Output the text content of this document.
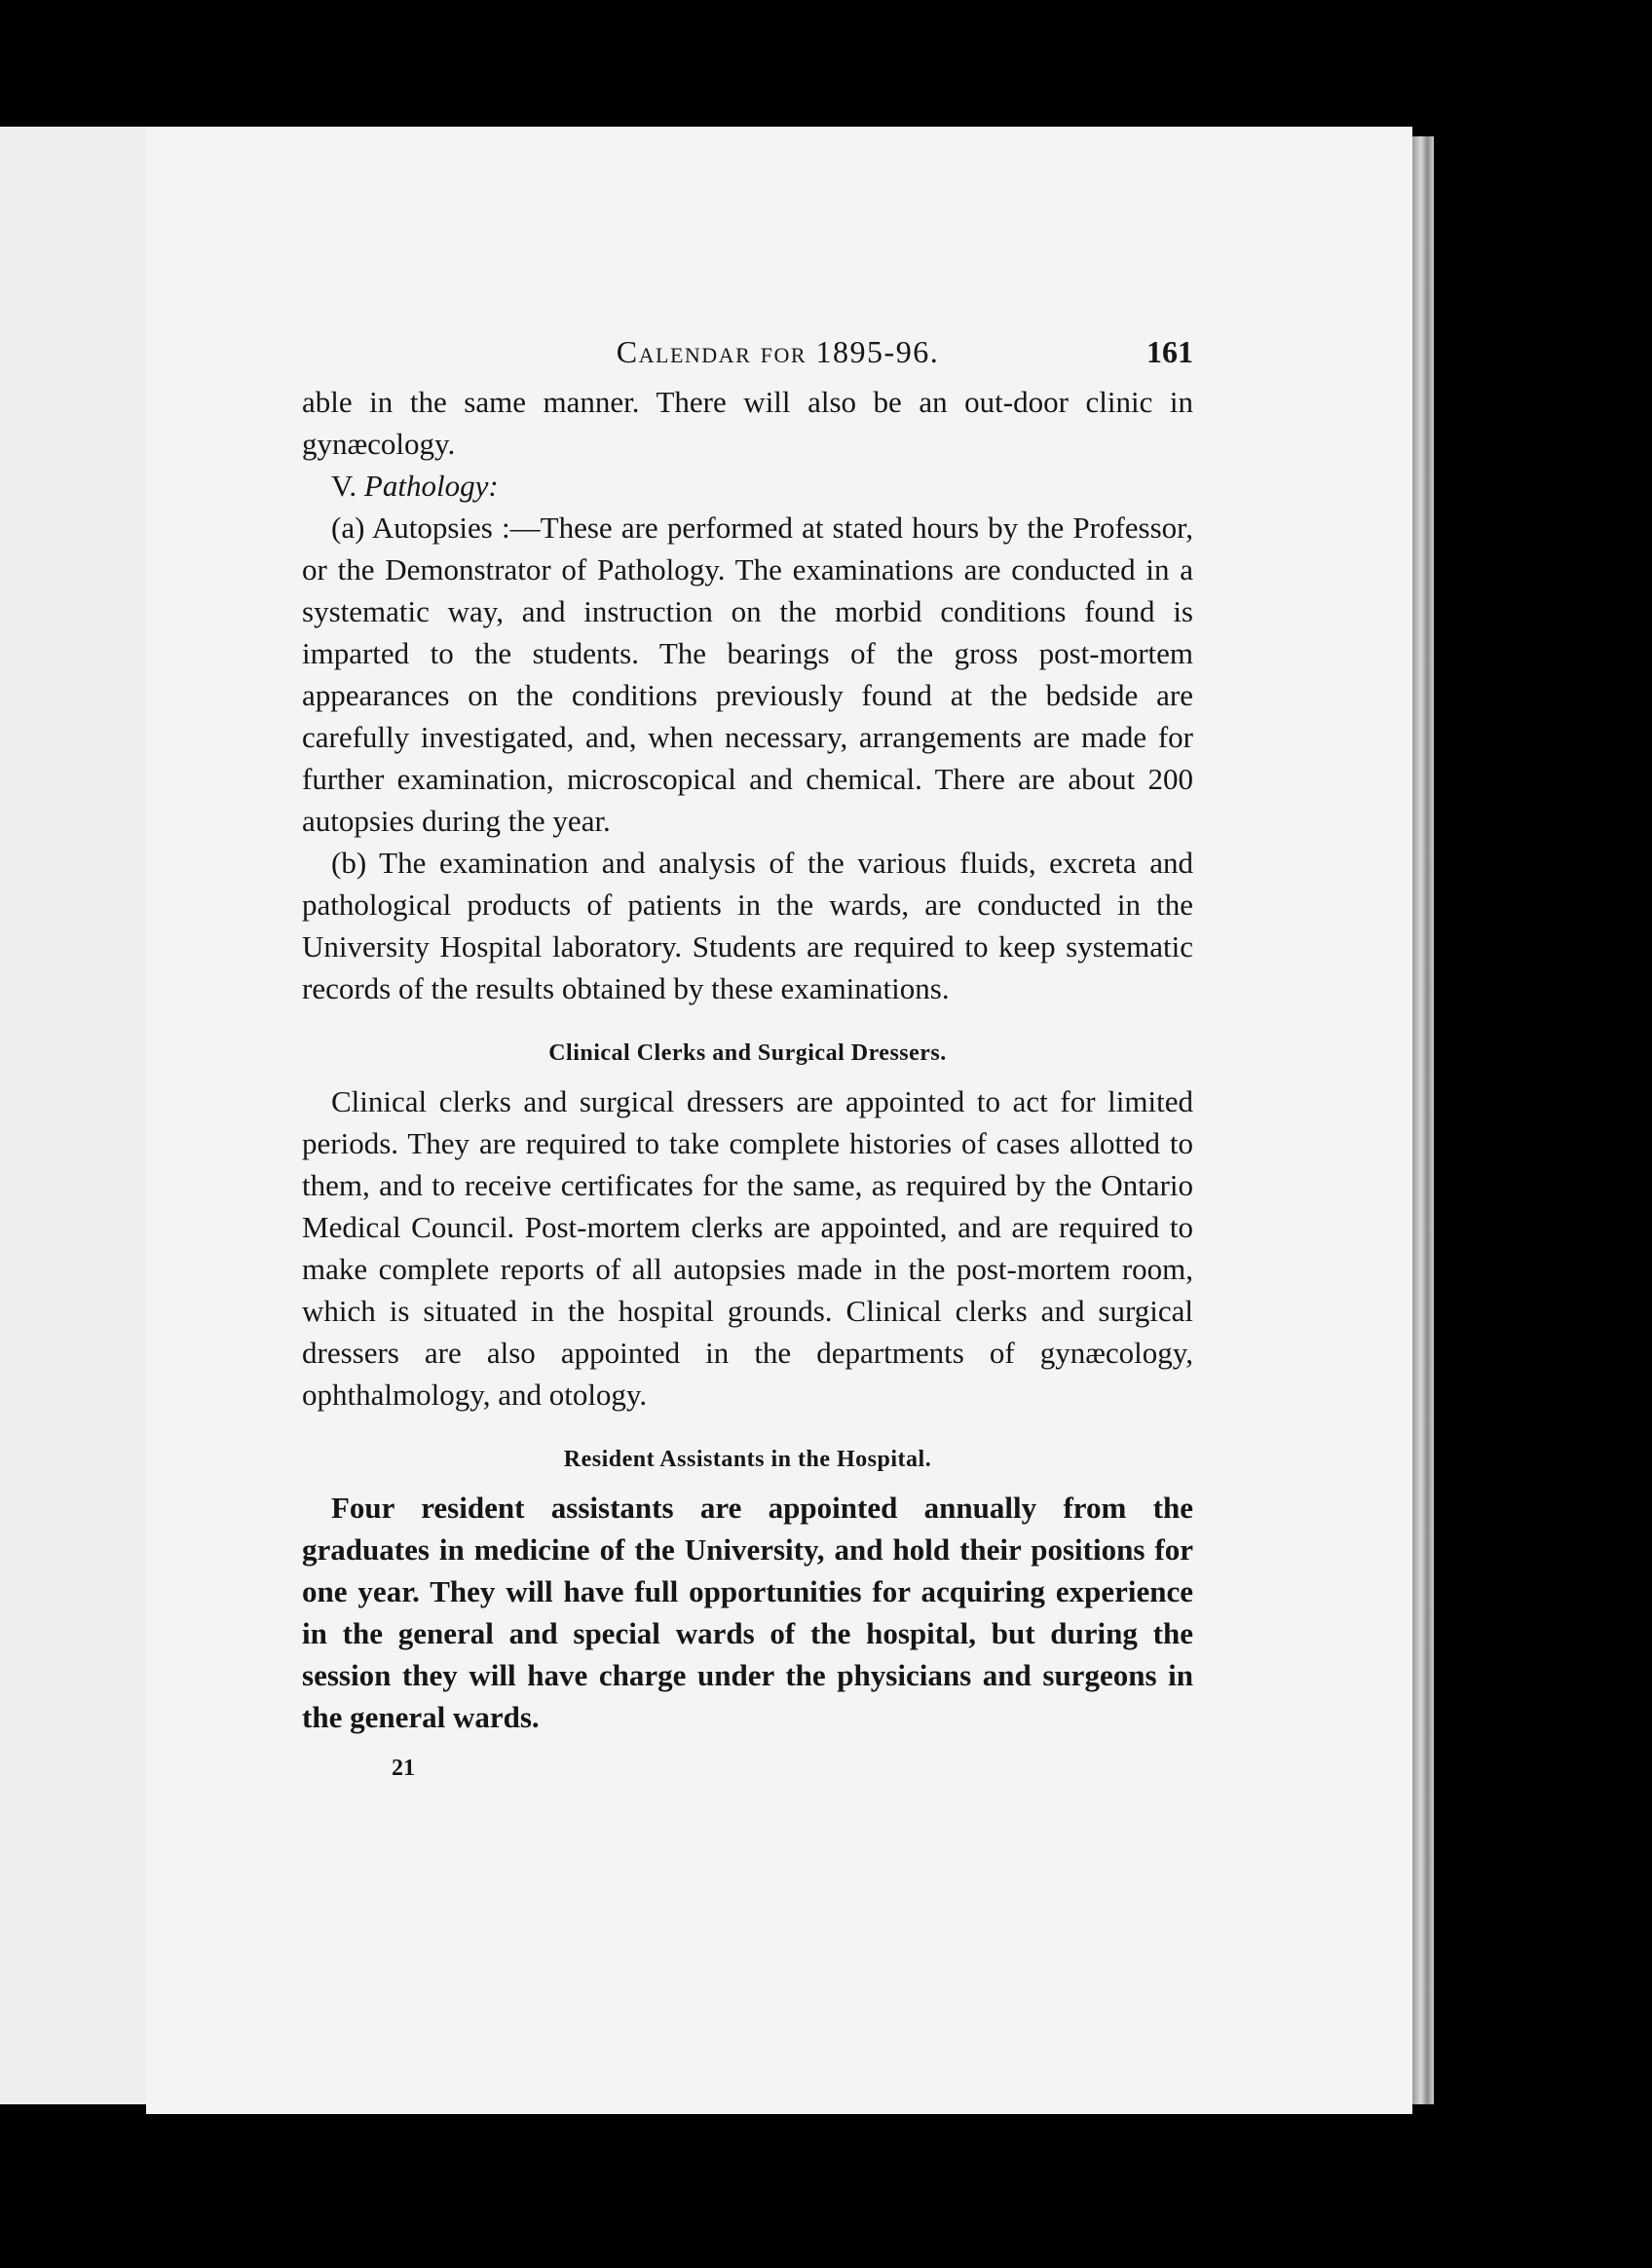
Calendar for 1895-96.	161

able in the same manner. There will also be an out-door clinic in gynæcology.

V. Pathology:

(a) Autopsies :—These are performed at stated hours by the Professor, or the Demonstrator of Pathology. The examinations are conducted in a systematic way, and instruction on the morbid conditions found is imparted to the students. The bearings of the gross post-mortem appearances on the conditions previously found at the bedside are carefully investigated, and, when necessary, arrangements are made for further examination, microscopical and chemical. There are about 200 autopsies during the year.

(b) The examination and analysis of the various fluids, excreta and pathological products of patients in the wards, are conducted in the University Hospital laboratory. Students are required to keep systematic records of the results obtained by these examinations.

Clinical Clerks and Surgical Dressers.

Clinical clerks and surgical dressers are appointed to act for limited periods. They are required to take complete histories of cases allotted to them, and to receive certificates for the same, as required by the Ontario Medical Council. Post-mortem clerks are appointed, and are required to make complete reports of all autopsies made in the post-mortem room, which is situated in the hospital grounds. Clinical clerks and surgical dressers are also appointed in the departments of gynæcology, ophthalmology, and otology.

Resident Assistants in the Hospital.

Four resident assistants are appointed annually from the graduates in medicine of the University, and hold their positions for one year. They will have full opportunities for acquiring experience in the general and special wards of the hospital, but during the session they will have charge under the physicians and surgeons in the general wards.

21
